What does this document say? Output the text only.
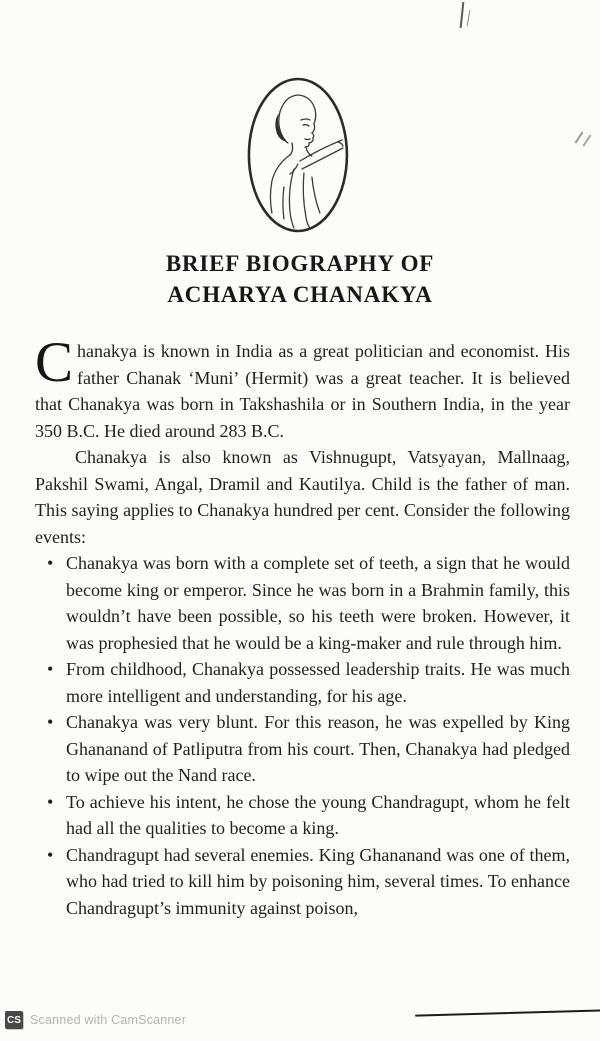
BRIEF BIOGRAPHY OF
ACHARYA CHANAKYA

Chanakya is known in India as a great politician and economist. His father Chanak ‘Muni’ (Hermit) was a great teacher. It is believed that Chanakya was born in Takshashila or in Southern India, in the year 350 B.C. He died around 283 B.C.

Chanakya is also known as Vishnugupt, Vatsyayan, Mallnaag, Pakshil Swami, Angal, Dramil and Kautilya. Child is the father of man. This saying applies to Chanakya hundred per cent. Consider the following events:

• Chanakya was born with a complete set of teeth, a sign that he would become king or emperor. Since he was born in a Brahmin family, this wouldn’t have been possible, so his teeth were broken. However, it was prophesied that he would be a king-maker and rule through him.
• From childhood, Chanakya possessed leadership traits. He was much more intelligent and understanding, for his age.
• Chanakya was very blunt. For this reason, he was expelled by King Ghananand of Patliputra from his court. Then, Chanakya had pledged to wipe out the Nand race.
• To achieve his intent, he chose the young Chandragupt, whom he felt had all the qualities to become a king.
• Chandragupt had several enemies. King Ghananand was one of them, who had tried to kill him by poisoning him, several times. To enhance Chandragupt’s immunity against poison,
CS Scanned with CamScanner
